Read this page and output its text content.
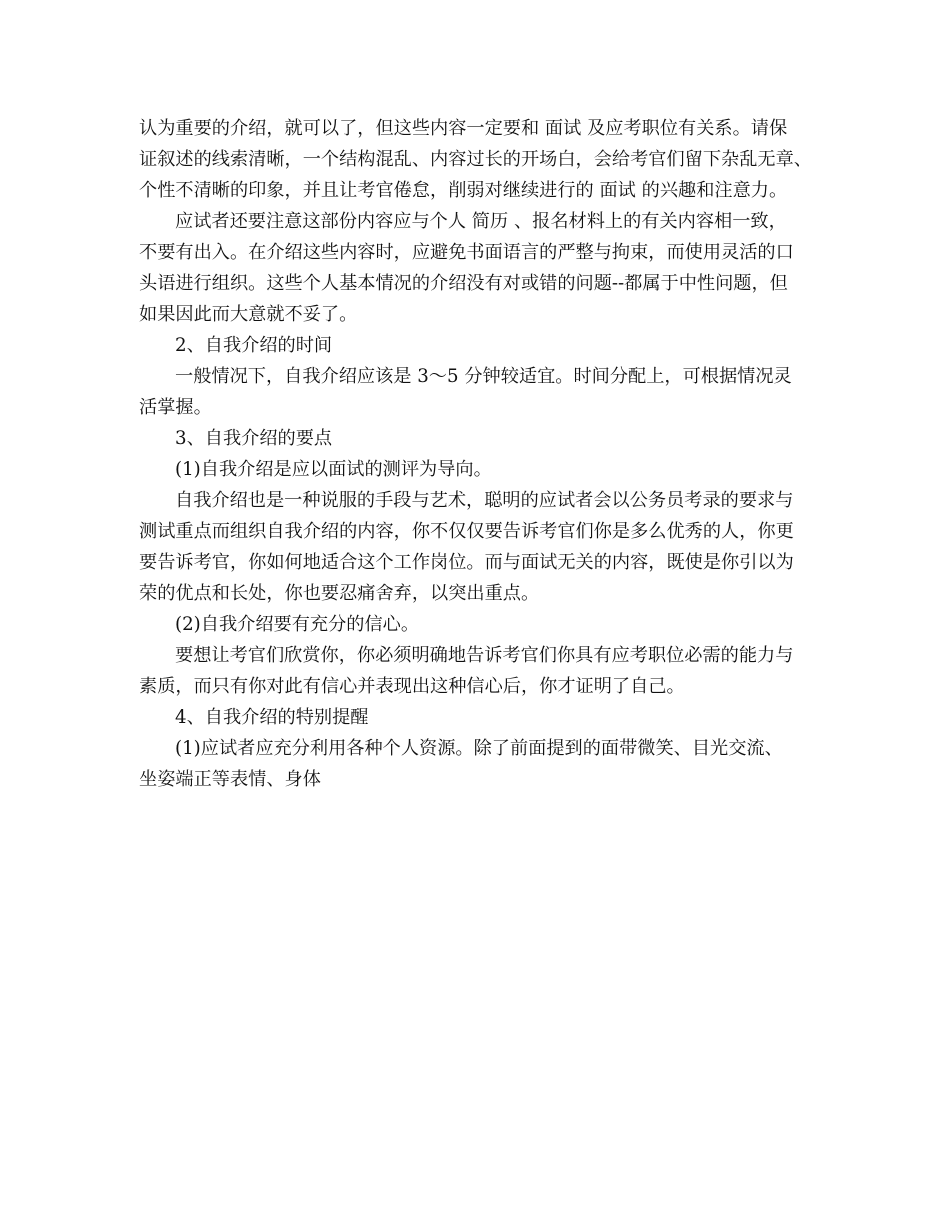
认为重要的介绍，就可以了，但这些内容一定要和 面试 及应考职位有关系。请保
证叙述的线索清晰，一个结构混乱、内容过长的开场白，会给考官们留下杂乱无章、
个性不清晰的印象，并且让考官倦怠，削弱对继续进行的 面试 的兴趣和注意力。
应试者还要注意这部份内容应与个人 简历 、报名材料上的有关内容相一致，
不要有出入。在介绍这些内容时，应避免书面语言的严整与拘束，而使用灵活的口
头语进行组织。这些个人基本情况的介绍没有对或错的问题--都属于中性问题，但
如果因此而大意就不妥了。
2、自我介绍的时间
一般情况下，自我介绍应该是 3～5 分钟较适宜。时间分配上，可根据情况灵
活掌握。
3、自我介绍的要点
(1)自我介绍是应以面试的测评为导向。
自我介绍也是一种说服的手段与艺术，聪明的应试者会以公务员考录的要求与
测试重点而组织自我介绍的内容，你不仅仅要告诉考官们你是多么优秀的人，你更
要告诉考官，你如何地适合这个工作岗位。而与面试无关的内容，既使是你引以为
荣的优点和长处，你也要忍痛舍弃，以突出重点。
(2)自我介绍要有充分的信心。
要想让考官们欣赏你，你必须明确地告诉考官们你具有应考职位必需的能力与
素质，而只有你对此有信心并表现出这种信心后，你才证明了自己。
4、自我介绍的特别提醒
(1)应试者应充分利用各种个人资源。除了前面提到的面带微笑、目光交流、
坐姿端正等表情、身体
